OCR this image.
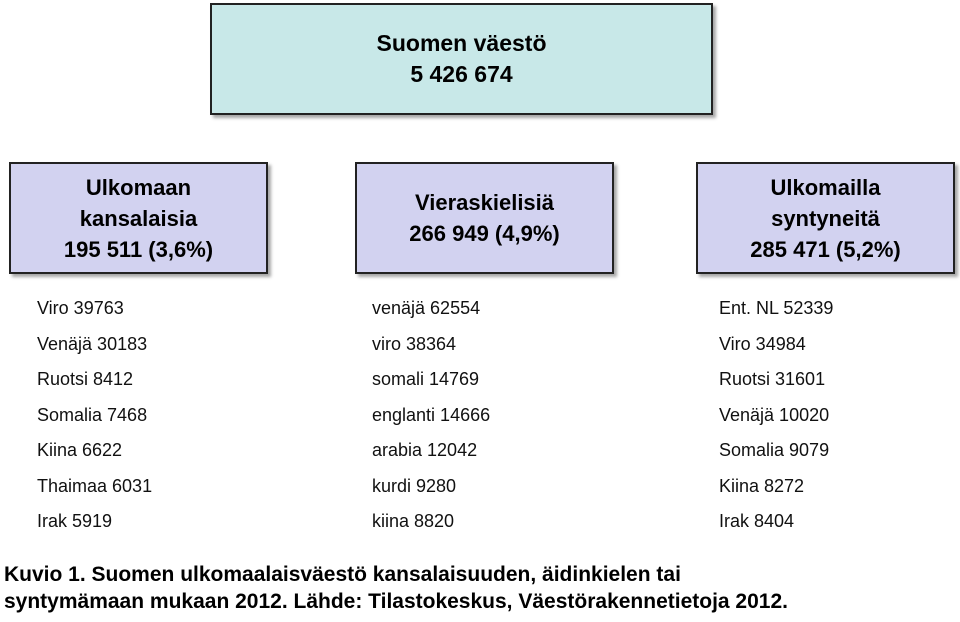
Suomen väestö
5 426 674
Ulkomaan
kansalaisia
195 511 (3,6%)
Vieraskielisiä
266 949 (4,9%)
Ulkomailla
syntyneitä
285 471 (5,2%)
Viro 39763
Venäjä 30183
Ruotsi 8412
Somalia 7468
Kiina 6622
Thaimaa 6031
Irak 5919
venäjä 62554
viro 38364
somali 14769
englanti 14666
arabia 12042
kurdi 9280
kiina 8820
Ent. NL 52339
Viro 34984
Ruotsi 31601
Venäjä 10020
Somalia 9079
Kiina 8272
Irak 8404

Kuvio 1. Suomen ulkomaalaisväestö kansalaisuuden, äidinkielen tai
syntymämaan mukaan 2012. Lähde: Tilastokeskus, Väestörakennetietoja 2012.
